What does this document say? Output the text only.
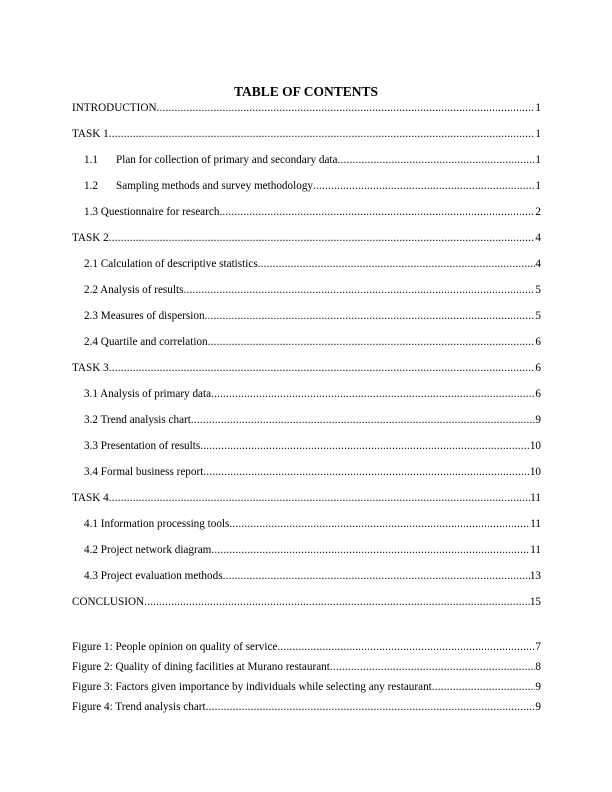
TABLE OF CONTENTS
INTRODUCTION .....	1
TASK 1 .....	1
1.1	Plan for collection of primary and secondary data .....	1
1.2	Sampling methods and survey methodology .....	1
1.3 Questionnaire for research .....	2
TASK 2 .....	4
2.1 Calculation of descriptive statistics .....	4
2.2 Analysis of results .....	5
2.3 Measures of dispersion .....	5
2.4 Quartile and correlation .....	6
TASK 3 .....	6
3.1 Analysis of primary data .....	6
3.2 Trend analysis chart .....	9
3.3 Presentation of results .....	10
3.4 Formal business report .....	10
TASK 4 .....	11
4.1 Information processing tools .....	11
4.2 Project network diagram .....	11
4.3 Project evaluation methods .....	13
CONCLUSION .....	15
Figure 1: People opinion on quality of service .....	7
Figure 2: Quality of dining facilities at Murano restaurant .....	8
Figure 3: Factors given importance by individuals while selecting any restaurant .....	9
Figure 4: Trend analysis chart .....	9
